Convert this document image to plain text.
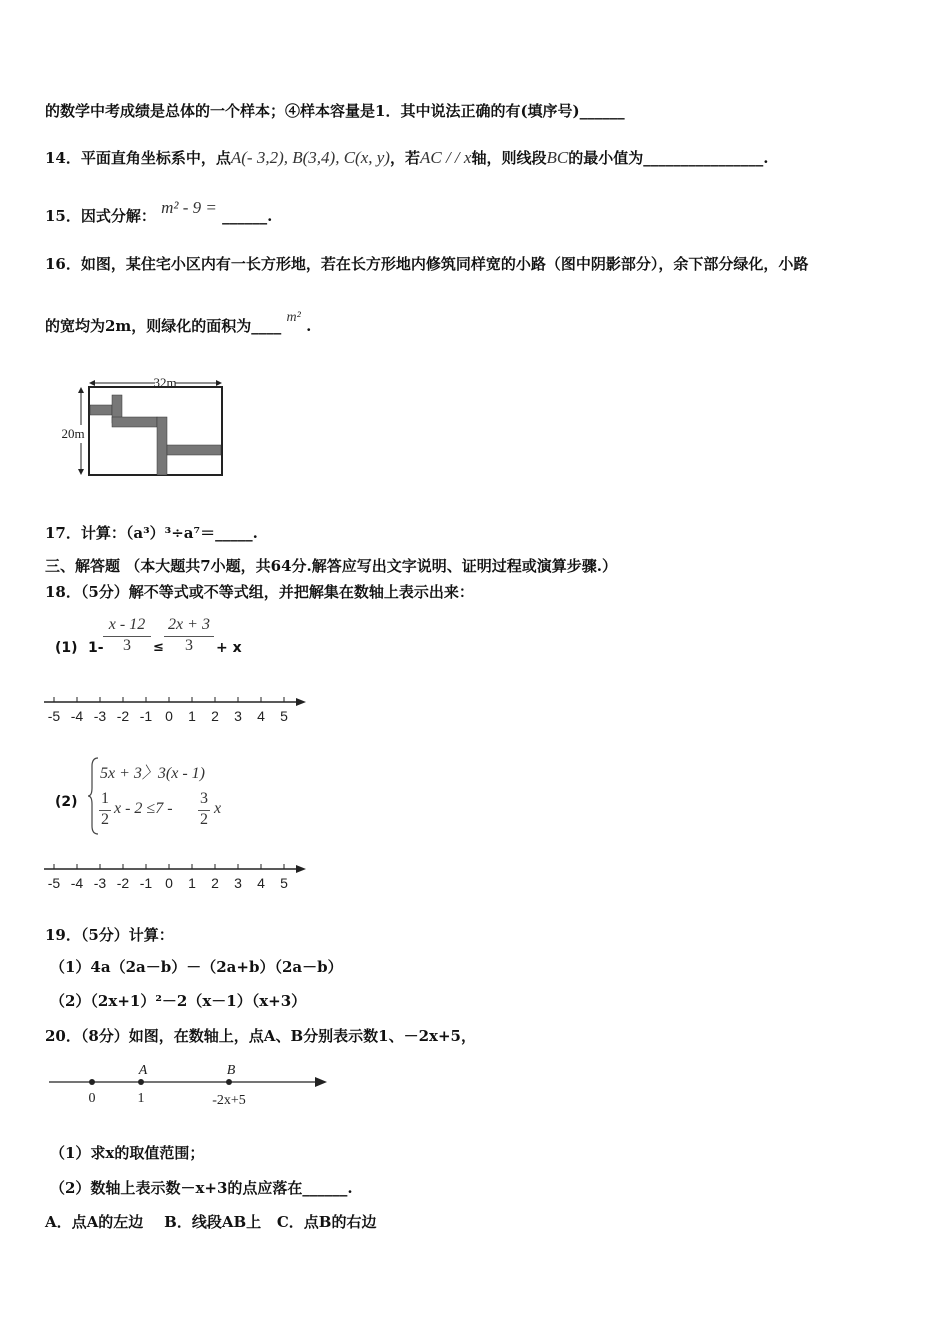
的数学中考成绩是总体的一个样本；④样本容量是1．其中说法正确的有(填序号)______
14．平面直角坐标系中，点A(- 3,2), B(3,4), C(x, y)，若AC / / x轴，则线段BC的最小值为________________.
15．因式分解： m² - 9 = ______.
16．如图，某住宅小区内有一长方形地，若在长方形地内修筑同样宽的小路（图中阴影部分），余下部分绿化，小路
的宽均为2m，则绿化的面积为____ m² .
32m
20m
17．计算：（a³）³÷a⁷＝_____.
三、解答题 （本大题共7小题，共64分.解答应写出文字说明、证明过程或演算步骤.）
18．（5分）解不等式或不等式组，并把解集在数轴上表示出来：
(1) $1- \frac{x - 12}{3} \le \frac{2x + 3}{3} + x$
-5 -4 -3 -2 -1 0 1 2 3 4 5
(2)
5x + 3〉3(x - 1)
$\frac{1}{2}$ $x - 2 \le 7 - \frac{3}{2}$ x
-5 -4 -3 -2 -1 0 1 2 3 4 5
19．（5分）计算：
（1）4a（2a－b）－（2a+b）（2a－b）
（2）（2x+1）²－2（x－1）（x+3）
20．（8分）如图，在数轴上，点A、B分别表示数1、－2x+5，
A	B
0	1	-2x+5
（1）求x的取值范围；
（2）数轴上表示数－x+3的点应落在______.
A．点A的左边    B．线段AB上   C．点B的右边
